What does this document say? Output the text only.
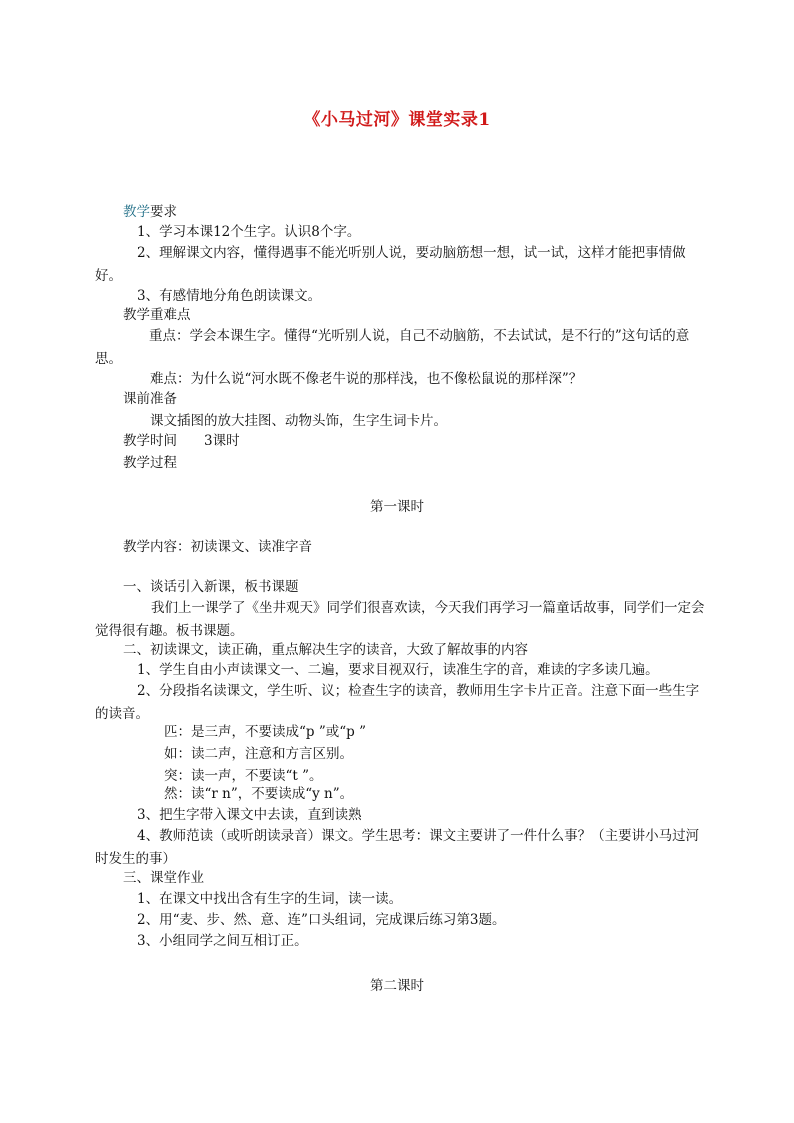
《小马过河》课堂实录1
教学要求
1、学习本课12个生字。认识8个字。
2、理解课文内容，懂得遇事不能光听别人说，要动脑筋想一想，试一试，这样才能把事情做好。
3、有感情地分角色朗读课文。
教学重难点
重点：学会本课生字。懂得“光听别人说，自己不动脑筋，不去试试，是不行的”这句话的意思。
难点：为什么说“河水既不像老牛说的那样浅，也不像松鼠说的那样深”？
课前准备
课文插图的放大挂图、动物头饰，生字生词卡片。
教学时间 3课时
教学过程
第一课时
教学内容：初读课文、读准字音
一、谈话引入新课，板书课题
我们上一课学了《坐井观天》同学们很喜欢读，今天我们再学习一篇童话故事，同学们一定会觉得很有趣。板书课题。
二、初读课文，读正确，重点解决生字的读音，大致了解故事的内容
1、学生自由小声读课文一、二遍，要求目视双行，读准生字的音，难读的字多读几遍。
2、分段指名读课文，学生听、议；检查生字的读音，教师用生字卡片正音。注意下面一些生字的读音。
匹：是三声，不要读成“p ”或“p ”
如：读二声，注意和方言区别。
突：读一声，不要读“t ”。
然：读“r n”，不要读成“y n”。
3、把生字带入课文中去读，直到读熟
4、教师范读（或听朗读录音）课文。学生思考：课文主要讲了一件什么事？（主要讲小马过河时发生的事）
三、课堂作业
1、在课文中找出含有生字的生词，读一读。
2、用“麦、步、然、意、连”口头组词，完成课后练习第3题。
3、小组同学之间互相订正。
第二课时
